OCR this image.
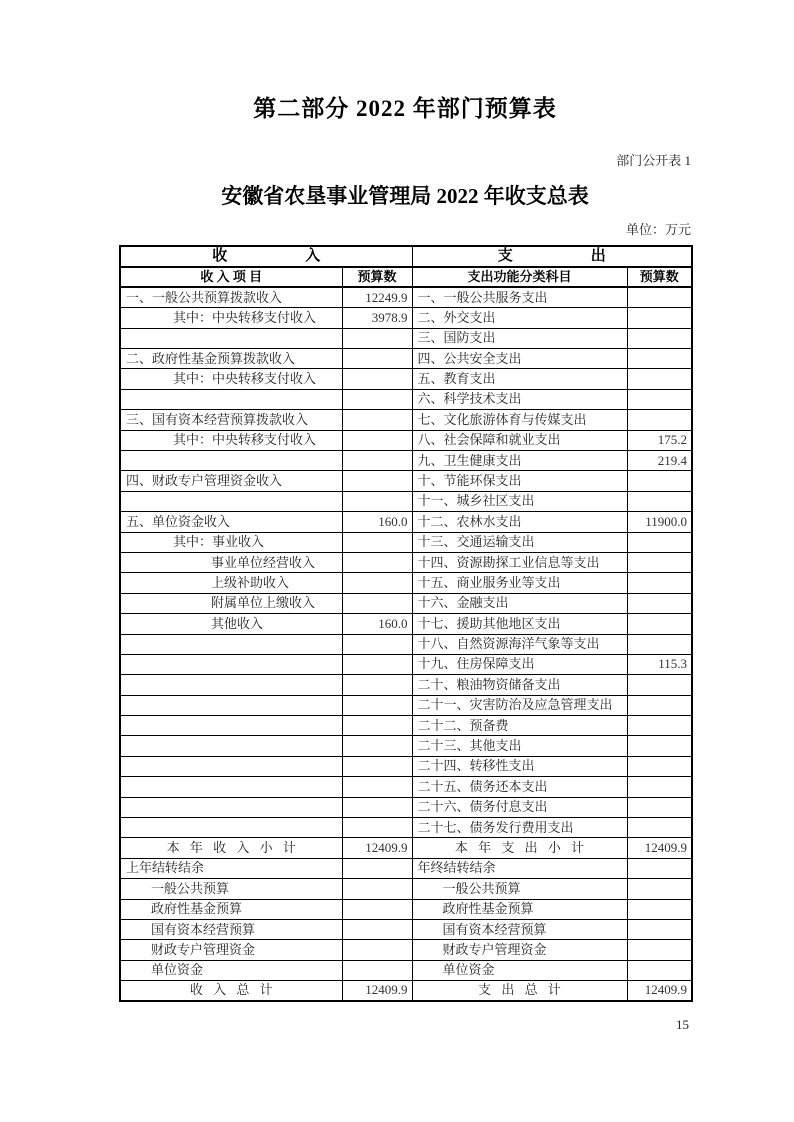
第二部分 2022 年部门预算表
部门公开表 1
安徽省农垦事业管理局 2022 年收支总表
单位：万元
收入		支出	
收 入 项 目	预算数	支出功能分类科目	预算数
一、一般公共预算拨款收入	12249.9	一、一般公共服务支出	
其中：中央转移支付收入	3978.9	二、外交支出	
		三、国防支出	
二、政府性基金预算拨款收入		四、公共安全支出	
其中：中央转移支付收入		五、教育支出	
		六、科学技术支出	
三、国有资本经营预算拨款收入		七、文化旅游体育与传媒支出	
其中：中央转移支付收入		八、社会保障和就业支出	175.2
		九、卫生健康支出	219.4
四、财政专户管理资金收入		十、节能环保支出	
		十一、城乡社区支出	
五、单位资金收入	160.0	十二、农林水支出	11900.0
其中：事业收入		十三、交通运输支出	
事业单位经营收入		十四、资源勘探工业信息等支出	
上级补助收入		十五、商业服务业等支出	
附属单位上缴收入		十六、金融支出	
其他收入	160.0	十七、援助其他地区支出	
		十八、自然资源海洋气象等支出	
		十九、住房保障支出	115.3
		二十、粮油物资储备支出	
		二十一、灾害防治及应急管理支出	
		二十二、预备费	
		二十三、其他支出	
		二十四、转移性支出	
		二十五、债务还本支出	
		二十六、债务付息支出	
		二十七、债务发行费用支出	
本 年 收 入 小 计	12409.9	本 年 支 出 小 计	12409.9
上年结转结余		年终结转结余	
一般公共预算		一般公共预算	
政府性基金预算		政府性基金预算	
国有资本经营预算		国有资本经营预算	
财政专户管理资金		财政专户管理资金	
单位资金		单位资金	
收 入 总 计	12409.9	支 出 总 计	12409.9
15
